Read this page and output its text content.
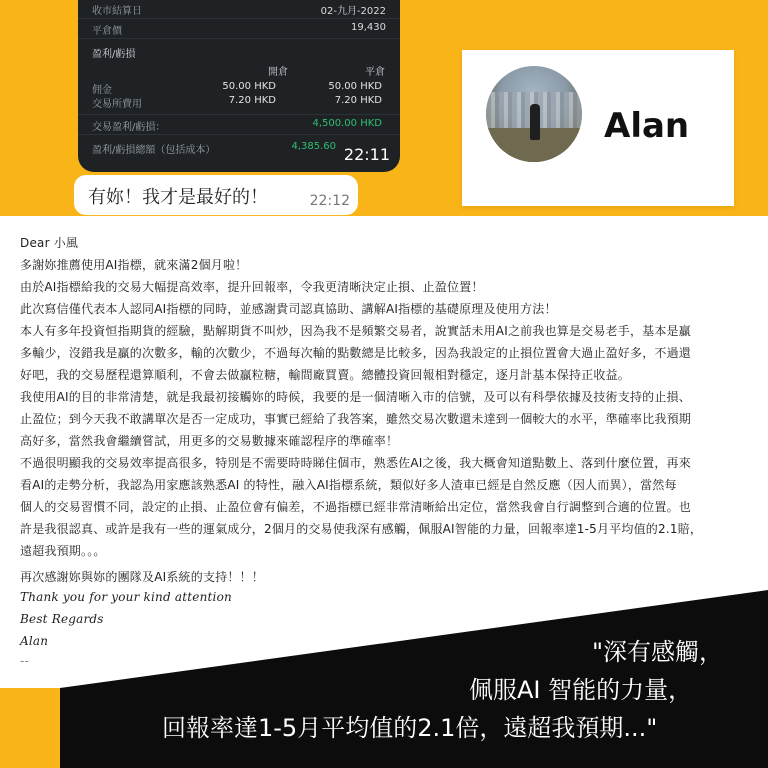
收市結算日	02-九月-2022
平倉價	19,430
盈利/虧損
開倉	平倉
佣金	50.00 HKD	50.00 HKD
交易所費用	7.20 HKD	7.20 HKD
交易盈利/虧損：	4,500.00 HKD
盈利/虧損總額（包括成本）	4,385.60 22:11
有妳！我才是最好的！	22:12
Alan
Dear 小風
多謝妳推薦使用AI指標，就來滿2個月啦！
由於AI指標給我的交易大幅提高效率，提升回報率，令我更清晰決定止損、止盈位置！
此次寫信僅代表本人認同AI指標的同時，並感謝貴司認真協助、講解AI指標的基礎原理及使用方法！
本人有多年投資恒指期貨的經驗，點解期貨不叫炒，因為我不是頻繁交易者，說實話未用AI之前我也算是交易老手，基本是贏
多輸少，沒錯我是贏的次數多，輸的次數少，不過每次輸的點數總是比較多，因為我設定的止損位置會大過止盈好多，不過還
好吧，我的交易歷程還算順利，不會去做贏粒糖，輸間廠買賣。總體投資回報相對穩定，逐月計基本保持正收益。
我使用AI的目的非常清楚，就是我最初接觸妳的時候，我要的是一個清晰入市的信號，及可以有科學依據及技術支持的止損、
止盈位；到今天我不敢講單次是否一定成功，事實已經給了我答案，雖然交易次數還未達到一個較大的水平，準確率比我預期
高好多，當然我會繼續嘗試，用更多的交易數據來確認程序的準確率！
不過很明顯我的交易效率提高很多，特別是不需要時時睇住個市，熟悉佐AI之後，我大概會知道點數上、落到什麼位置，再來
看AI的走勢分析，我認為用家應該熟悉AI 的特性，融入AI指標系統，類似好多人渣車已經是自然反應（因人而異），當然每
個人的交易習慣不同，設定的止損、止盈位會有偏差，不過指標已經非常清晰給出定位，當然我會自行調整到合適的位置。也
許是我很認真、或許是我有一些的運氣成分，2個月的交易使我深有感觸，佩服AI智能的力量，回報率達1-5月平均值的2.1賠，
遠超我預期。。。
再次感謝妳與妳的團隊及AI系統的支持！！！
Thank you for your kind attention
Best Regards
Alan
--	"深有感觸，
佩服AI 智能的力量，
回報率達1-5月平均值的2.1倍，遠超我預期..."
